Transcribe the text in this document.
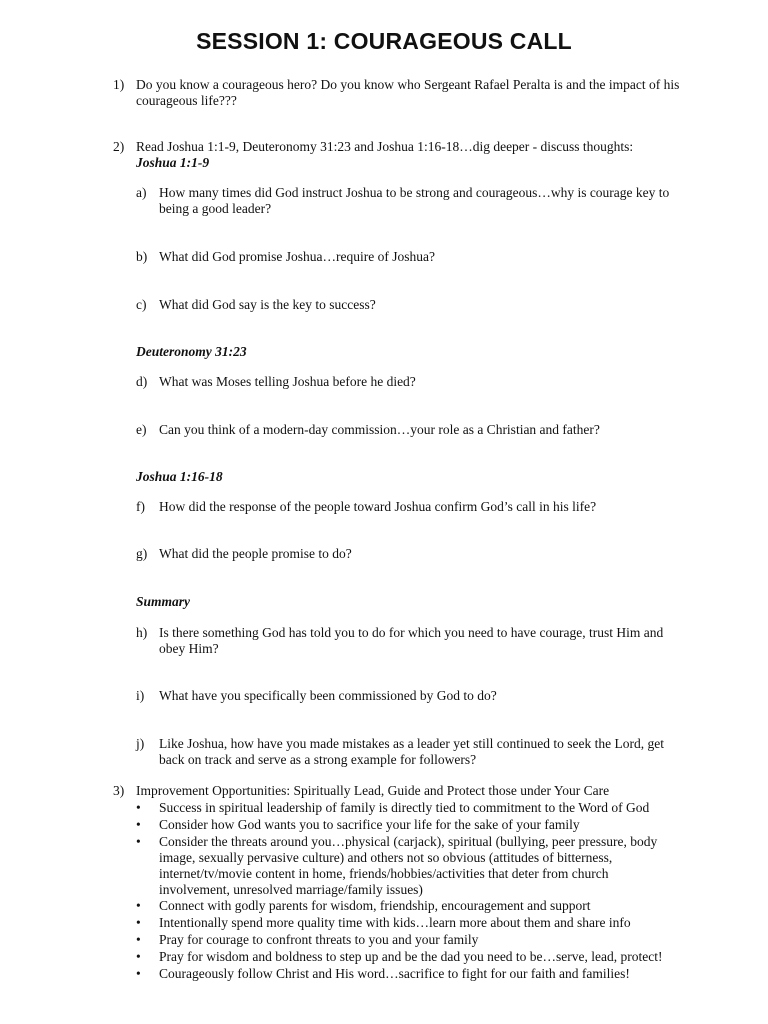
SESSION 1: COURAGEOUS CALL
1) Do you know a courageous hero? Do you know who Sergeant Rafael Peralta is and the impact of his courageous life???
2) Read Joshua 1:1-9, Deuteronomy 31:23 and Joshua 1:16-18…dig deeper - discuss thoughts:
Joshua 1:1-9
a) How many times did God instruct Joshua to be strong and courageous…why is courage key to being a good leader?
b) What did God promise Joshua…require of Joshua?
c) What did God say is the key to success?
Deuteronomy 31:23
d) What was Moses telling Joshua before he died?
e) Can you think of a modern-day commission…your role as a Christian and father?
Joshua 1:16-18
f) How did the response of the people toward Joshua confirm God’s call in his life?
g) What did the people promise to do?
Summary
h) Is there something God has told you to do for which you need to have courage, trust Him and obey Him?
i) What have you specifically been commissioned by God to do?
j) Like Joshua, how have you made mistakes as a leader yet still continued to seek the Lord, get back on track and serve as a strong example for followers?
3) Improvement Opportunities: Spiritually Lead, Guide and Protect those under Your Care
• Success in spiritual leadership of family is directly tied to commitment to the Word of God
• Consider how God wants you to sacrifice your life for the sake of your family
• Consider the threats around you…physical (carjack), spiritual (bullying, peer pressure, body image, sexually pervasive culture) and others not so obvious (attitudes of bitterness, internet/tv/movie content in home, friends/hobbies/activities that deter from church involvement, unresolved marriage/family issues)
• Connect with godly parents for wisdom, friendship, encouragement and support
• Intentionally spend more quality time with kids…learn more about them and share info
• Pray for courage to confront threats to you and your family
• Pray for wisdom and boldness to step up and be the dad you need to be…serve, lead, protect!
• Courageously follow Christ and His word…sacrifice to fight for our faith and families!
